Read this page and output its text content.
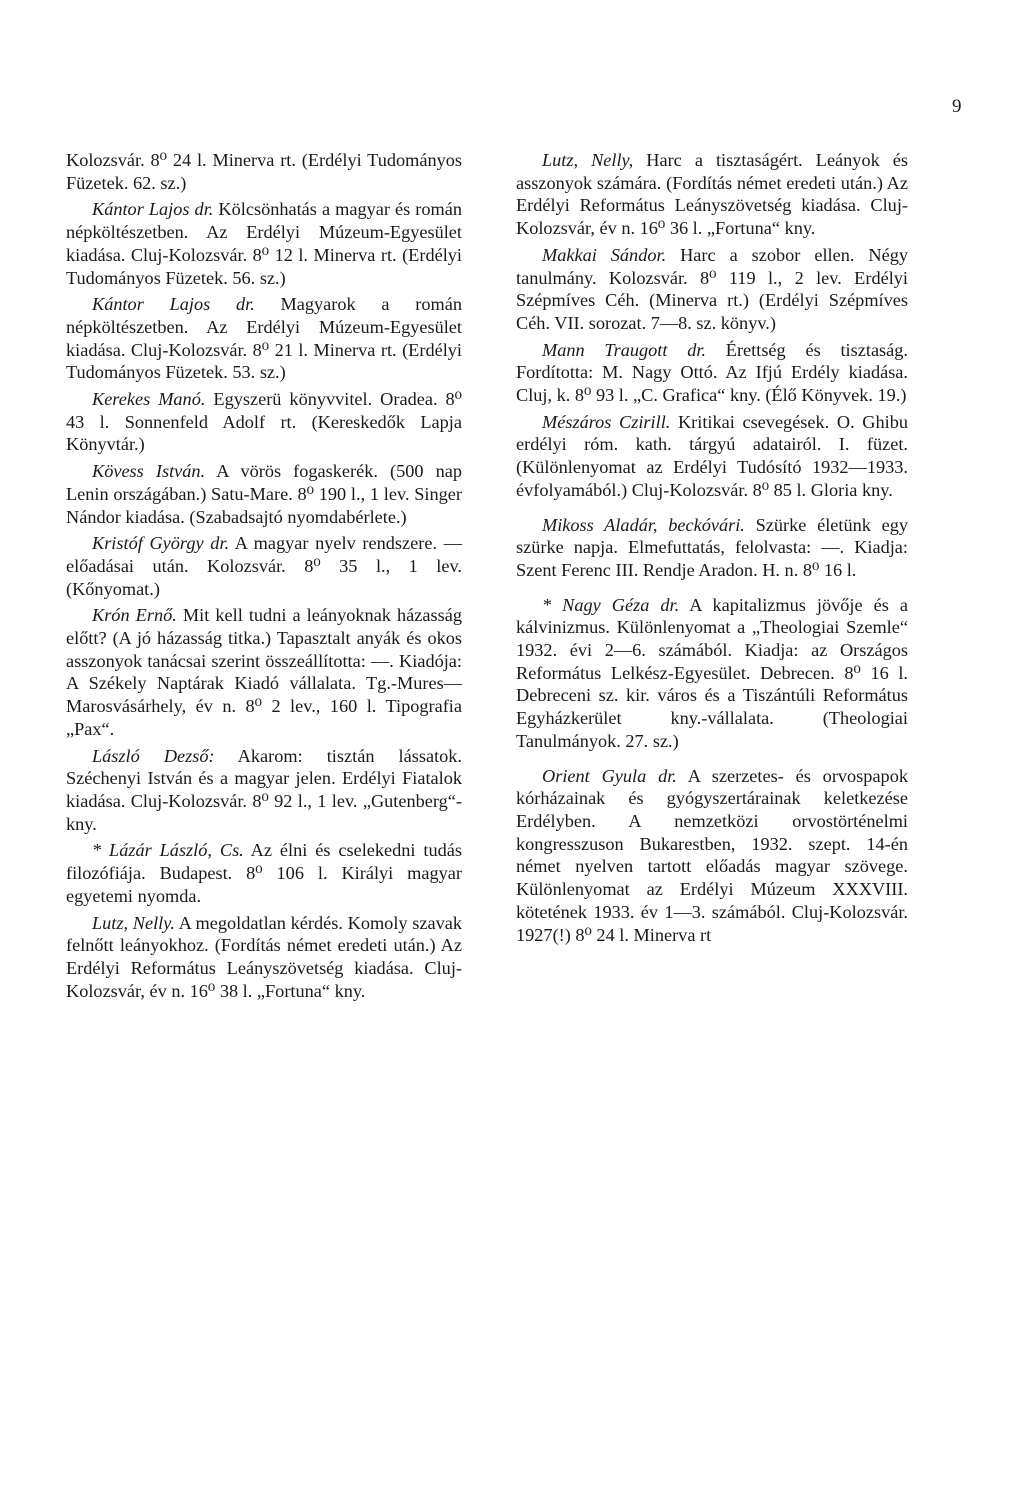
9

Kolozsvár. 8⁰ 24 l. Minerva rt. (Erdélyi Tudományos Füzetek. 62. sz.)

Kántor Lajos dr. Kölcsönhatás a magyar és román népköltészetben. Az Erdélyi Múzeum-Egyesület kiadása. Cluj-Kolozsvár. 8⁰ 12 l. Minerva rt. (Erdélyi Tudományos Füzetek. 56. sz.)

Kántor Lajos dr. Magyarok a román népköltészetben. Az Erdélyi Múzeum-Egyesület kiadása. Cluj-Kolozsvár. 8⁰ 21 l. Minerva rt. (Erdélyi Tudományos Füzetek. 53. sz.)

Kerekes Manó. Egyszerü könyvvitel. Oradea. 8⁰ 43 l. Sonnenfeld Adolf rt. (Kereskedők Lapja Könyvtár.)

Kövess István. A vörös fogaskerék. (500 nap Lenin országában.) Satu-Mare. 8⁰ 190 l., 1 lev. Singer Nándor kiadása. (Szabadsajtó nyomdabérlete.)

Kristóf György dr. A magyar nyelv rendszere. — előadásai után. Kolozsvár. 8⁰ 35 l., 1 lev. (Kőnyomat.)

Krón Ernő. Mit kell tudni a leányoknak házasság előtt? (A jó házasság titka.) Tapasztalt anyák és okos asszonyok tanácsai szerint összeállította: —. Kiadója: A Székely Naptárak Kiadó vállalata. Tg.-Mures—Marosvásárhely, év n. 8⁰ 2 lev., 160 l. Tipografia „Pax“.

László Dezső: Akarom: tisztán lássatok. Széchenyi István és a magyar jelen. Erdélyi Fiatalok kiadása. Cluj-Kolozsvár. 8⁰ 92 l., 1 lev. „Gutenberg“-kny.

* Lázár László, Cs. Az élni és cselekedni tudás filozófiája. Budapest. 8⁰ 106 l. Királyi magyar egyetemi nyomda.

Lutz, Nelly. A megoldatlan kérdés. Komoly szavak felnőtt leányokhoz. (Fordítás német eredeti után.) Az Erdélyi Református Leányszövetség kiadása. Cluj-Kolozsvár, év n. 16⁰ 38 l. „Fortuna“ kny.

Lutz, Nelly, Harc a tisztaságért. Leányok és asszonyok számára. (Fordítás német eredeti után.) Az Erdélyi Református Leányszövetség kiadása. Cluj-Kolozsvár, év n. 16⁰ 36 l. „Fortuna“ kny.

Makkai Sándor. Harc a szobor ellen. Négy tanulmány. Kolozsvár. 8⁰ 119 l., 2 lev. Erdélyi Szépmíves Céh. (Minerva rt.) (Erdélyi Szépmíves Céh. VII. sorozat. 7—8. sz. könyv.)

Mann Traugott dr. Érettség és tisztaság. Fordította: M. Nagy Ottó. Az Ifjú Erdély kiadása. Cluj, k. 8⁰ 93 l. „C. Grafica“ kny. (Élő Könyvek. 19.)

Mészáros Czirill. Kritikai csevegések. O. Ghibu erdélyi róm. kath. tárgyú adatairól. I. füzet. (Különlenyomat az Erdélyi Tudósító 1932—1933. évfolyamából.) Cluj-Kolozsvár. 8⁰ 85 l. Gloria kny.

Mikoss Aladár, beckóvári. Szürke életünk egy szürke napja. Elmefuttatás, felolvasta: —. Kiadja: Szent Ferenc III. Rendje Aradon. H. n. 8⁰ 16 l.

* Nagy Géza dr. A kapitalizmus jövője és a kálvinizmus. Különlenyomat a „Theologiai Szemle“ 1932. évi 2—6. számából. Kiadja: az Országos Református Lelkész-Egyesület. Debrecen. 8⁰ 16 l. Debreceni sz. kir. város és a Tiszántúli Református Egyházkerület kny.-vállalata. (Theologiai Tanulmányok. 27. sz.)

Orient Gyula dr. A szerzetes- és orvospapok kórházainak és gyógyszertárainak keletkezése Erdélyben. A nemzetközi orvostörténelmi kongresszuson Bukarestben, 1932. szept. 14-én német nyelven tartott előadás magyar szövege. Különlenyomat az Erdélyi Múzeum XXXVIII. kötetének 1933. év 1—3. számából. Cluj-Kolozsvár. 1927(!) 8⁰ 24 l. Minerva rt
